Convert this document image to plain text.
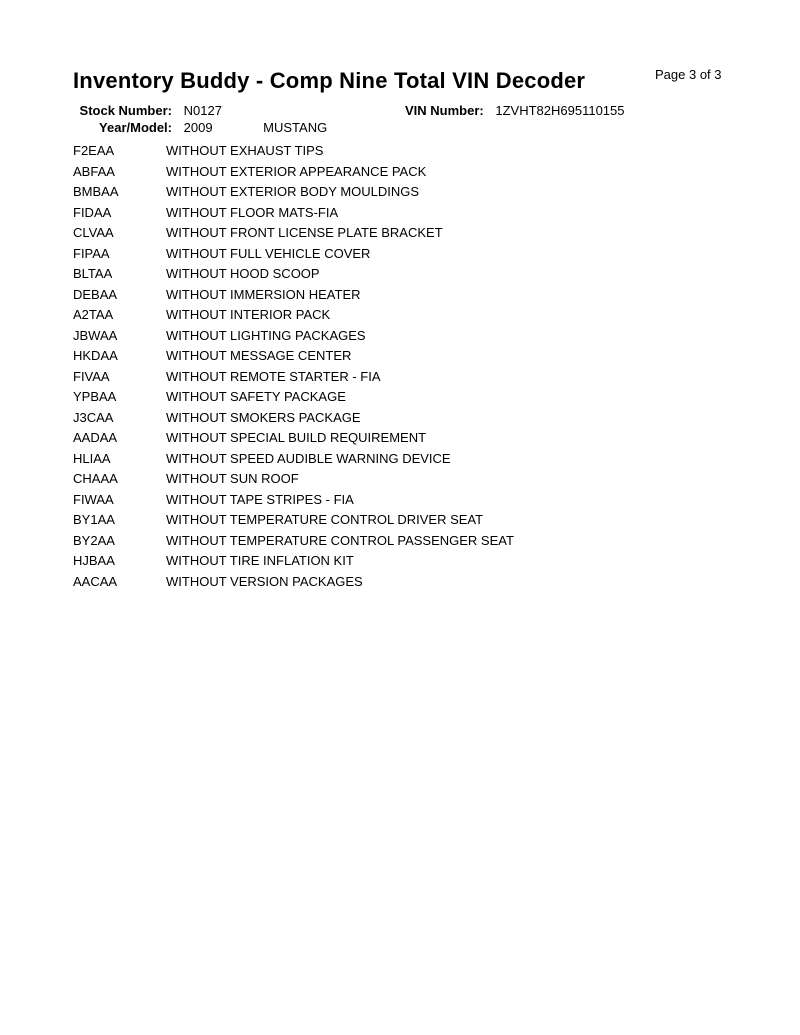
Inventory Buddy - Comp Nine Total VIN Decoder	Page 3 of 3
Stock Number: N0127	VIN Number: 1ZVHT82H695110155
Year/Model: 2009	MUSTANG
F2EAA	WITHOUT EXHAUST TIPS
ABFAA	WITHOUT EXTERIOR APPEARANCE PACK
BMBAA	WITHOUT EXTERIOR BODY MOULDINGS
FIDAA	WITHOUT FLOOR MATS-FIA
CLVAA	WITHOUT FRONT LICENSE PLATE BRACKET
FIPAA	WITHOUT FULL VEHICLE COVER
BLTAA	WITHOUT HOOD SCOOP
DEBAA	WITHOUT IMMERSION HEATER
A2TAA	WITHOUT INTERIOR PACK
JBWAA	WITHOUT LIGHTING PACKAGES
HKDAA	WITHOUT MESSAGE CENTER
FIVAA	WITHOUT REMOTE STARTER - FIA
YPBAA	WITHOUT SAFETY PACKAGE
J3CAA	WITHOUT SMOKERS PACKAGE
AADAA	WITHOUT SPECIAL BUILD REQUIREMENT
HLIAA	WITHOUT SPEED AUDIBLE WARNING DEVICE
CHAAA	WITHOUT SUN ROOF
FIWAA	WITHOUT TAPE STRIPES - FIA
BY1AA	WITHOUT TEMPERATURE CONTROL DRIVER SEAT
BY2AA	WITHOUT TEMPERATURE CONTROL PASSENGER SEAT
HJBAA	WITHOUT TIRE INFLATION KIT
AACAA	WITHOUT VERSION PACKAGES
